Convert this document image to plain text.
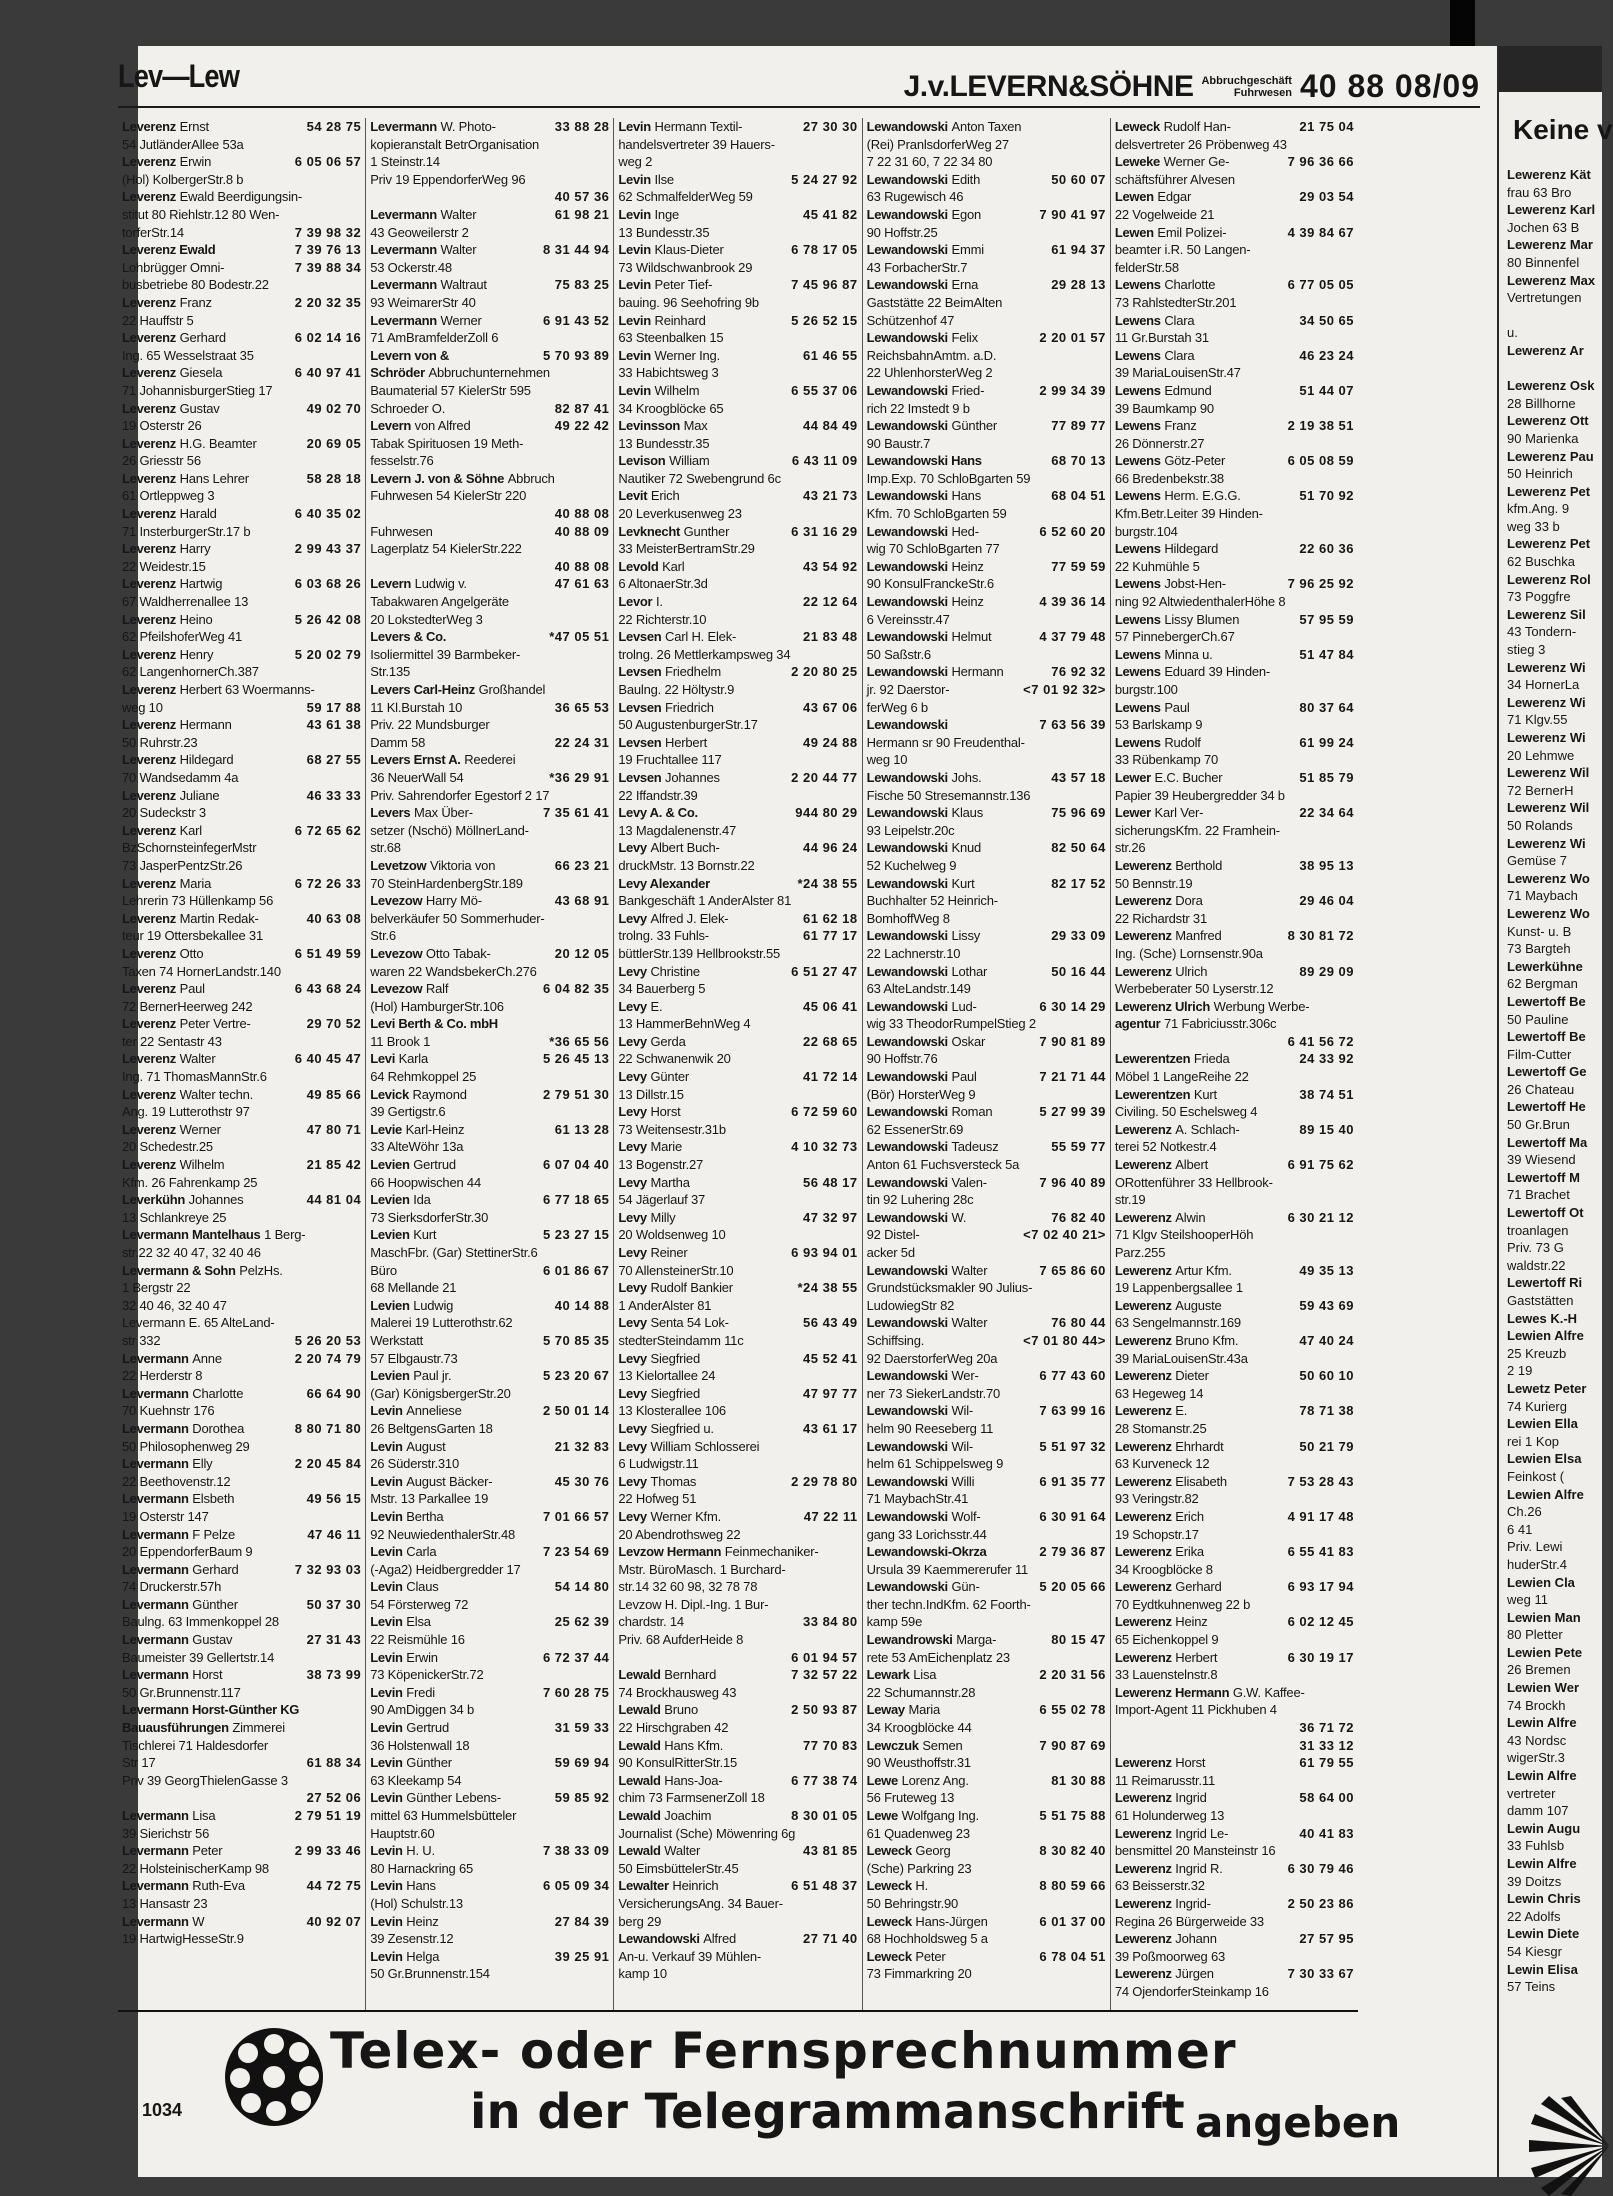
Lev—Lew	J.v.LEVERN&SÖHNE Abbruchgeschäft
Fuhrwesen 40 88 08/09
54 28 75
Leverenz Ernst
54 JutländerAllee 53a
6 05 06 57
Leverenz Erwin
(Hol) KolbergerStr.8 b
Leverenz Ewald Beerdigungsin-
stitut 80 Riehlstr.12 80 Wen-
7 39 98 32
torferStr.14
7 39 76 13
Leverenz Ewald
7 39 88 34
Lohbrügger Omni-
busbetriebe 80 Bodestr.22
2 20 32 35
Leverenz Franz
22 Hauffstr 5
6 02 14 16
Leverenz Gerhard
Ing. 65 Wesselstraat 35
6 40 97 41
Leverenz Giesela
71 JohannisburgerStieg 17
49 02 70
Leverenz Gustav
19 Osterstr 26
20 69 05
Leverenz H.G. Beamter
26 Griesstr 56
58 28 18
Leverenz Hans Lehrer
61 Ortleppweg 3
6 40 35 02
Leverenz Harald
71 InsterburgerStr.17 b
2 99 43 37
Leverenz Harry
22 Weidestr.15
6 03 68 26
Leverenz Hartwig
67 Waldherrenallee 13
5 26 42 08
Leverenz Heino
62 PfeilshoferWeg 41
5 20 02 79
Leverenz Henry
62 LangenhornerCh.387
Leverenz Herbert 63 Woermanns-
59 17 88
weg 10
43 61 38
Leverenz Hermann
50 Ruhrstr.23
68 27 55
Leverenz Hildegard
70 Wandsedamm 4a
46 33 33
Leverenz Juliane
20 Sudeckstr 3
6 72 65 62
Leverenz Karl
BzSchornsteinfegerMstr
73 JasperPentzStr.26
6 72 26 33
Leverenz Maria
Lehrerin 73 Hüllenkamp 56
40 63 08
Leverenz Martin Redak-
teur 19 Ottersbekallee 31
6 51 49 59
Leverenz Otto
Taxen 74 HornerLandstr.140
6 43 68 24
Leverenz Paul
72 BernerHeerweg 242
29 70 52
Leverenz Peter Vertre-
ter 22 Sentastr 43
6 40 45 47
Leverenz Walter
Ing. 71 ThomasMannStr.6
49 85 66
Leverenz Walter techn.
Ang. 19 Lutterothstr 97
47 80 71
Leverenz Werner
20 Schedestr.25
21 85 42
Leverenz Wilhelm
Kfm. 26 Fahrenkamp 25
44 81 04
Leverkühn Johannes
13 Schlankreye 25
Levermann Mantelhaus 1 Berg-
str.22 32 40 47, 32 40 46
Levermann & Sohn PelzHs.
1 Bergstr 22
32 40 46, 32 40 47
Levermann E. 65 AlteLand-
5 26 20 53
str 332
2 20 74 79
Levermann Anne
22 Herderstr 8
66 64 90
Levermann Charlotte
70 Kuehnstr 176
8 80 71 80
Levermann Dorothea
50 Philosophenweg 29
2 20 45 84
Levermann Elly
22 Beethovenstr.12
49 56 15
Levermann Elsbeth
19 Osterstr 147
47 46 11
Levermann F Pelze
20 EppendorferBaum 9
7 32 93 03
Levermann Gerhard
74 Druckerstr.57h
50 37 30
Levermann Günther
Baulng. 63 Immenkoppel 28
27 31 43
Levermann Gustav
Baumeister 39 Gellertstr.14
38 73 99
Levermann Horst
50 Gr.Brunnenstr.117
Levermann Horst-Günther KG
Bauausführungen Zimmerei
Tischlerei 71 Haldesdorfer
61 88 34
Str 17
Priv 39 GeorgThielenGasse 3
27 52 06

2 79 51 19
Levermann Lisa
39 Sierichstr 56
2 99 33 46
Levermann Peter
22 HolsteinischerKamp 98
44 72 75
Levermann Ruth-Eva
13 Hansastr 23
40 92 07
Levermann W
19 HartwigHesseStr.9
33 88 28
Levermann W. Photo-
kopieranstalt BetrOrganisation
1 Steinstr.14
Priv 19 EppendorferWeg 96
40 57 36

61 98 21
Levermann Walter
43 Geoweilerstr 2
8 31 44 94
Levermann Walter
53 Ockerstr.48
75 83 25
Levermann Waltraut
93 WeimarerStr 40
6 91 43 52
Levermann Werner
71 AmBramfelderZoll 6
5 70 93 89
Levern von &
Schröder Abbruchunternehmen
Baumaterial 57 KielerStr 595
82 87 41
Schroeder O.
49 22 42
Levern von Alfred
Tabak Spirituosen 19 Meth-
fesselstr.76
Levern J. von & Söhne Abbruch
Fuhrwesen 54 KielerStr 220
40 88 08

40 88 09
Fuhrwesen
Lagerplatz 54 KielerStr.222
40 88 08

47 61 63
Levern Ludwig v.
Tabakwaren Angelgeräte
20 LokstedterWeg 3
*47 05 51
Levers & Co.
Isoliermittel 39 Barmbeker-
Str.135
Levers Carl-Heinz Großhandel
36 65 53
11 Kl.Burstah 10
Priv. 22 Mundsburger
22 24 31
Damm 58
Levers Ernst A. Reederei
*36 29 91
36 NeuerWall 54
Priv. Sahrendorfer Egestorf 2 17
7 35 61 41
Levers Max Über-
setzer (Nschö) MöllnerLand-
str.68
66 23 21
Levetzow Viktoria von
70 SteinHardenbergStr.189
43 68 91
Levezow Harry Mö-
belverkäufer 50 Sommerhuder-
Str.6
20 12 05
Levezow Otto Tabak-
waren 22 WandsbekerCh.276
6 04 82 35
Levezow Ralf
(Hol) HamburgerStr.106
Levi Berth & Co. mbH
*36 65 56
11 Brook 1
5 26 45 13
Levi Karla
64 Rehmkoppel 25
2 79 51 30
Levick Raymond
39 Gertigstr.6
61 13 28
Levie Karl-Heinz
33 AlteWöhr 13a
6 07 04 40
Levien Gertrud
66 Hoopwischen 44
6 77 18 65
Levien Ida
73 SierksdorferStr.30
5 23 27 15
Levien Kurt
MaschFbr. (Gar) StettinerStr.6
6 01 86 67
Büro
68 Mellande 21
40 14 88
Levien Ludwig
Malerei 19 Lutterothstr.62
5 70 85 35
Werkstatt
57 Elbgaustr.73
5 23 20 67
Levien Paul jr.
(Gar) KönigsbergerStr.20
2 50 01 14
Levin Anneliese
26 BeltgensGarten 18
21 32 83
Levin August
26 Süderstr.310
45 30 76
Levin August Bäcker-
Mstr. 13 Parkallee 19
7 01 66 57
Levin Bertha
92 NeuwiedenthalerStr.48
7 23 54 69
Levin Carla
(-Aga2) Heidbergredder 17
54 14 80
Levin Claus
54 Försterweg 72
25 62 39
Levin Elsa
22 Reismühle 16
6 72 37 44
Levin Erwin
73 KöpenickerStr.72
7 60 28 75
Levin Fredi
90 AmDiggen 34 b
31 59 33
Levin Gertrud
36 Holstenwall 18
59 69 94
Levin Günther
63 Kleekamp 54
59 85 92
Levin Günther Lebens-
mittel 63 Hummelsbütteler
Hauptstr.60
7 38 33 09
Levin H. U.
80 Harnackring 65
6 05 09 34
Levin Hans
(Hol) Schulstr.13
27 84 39
Levin Heinz
39 Zesenstr.12
39 25 91
Levin Helga
50 Gr.Brunnenstr.154
27 30 30
Levin Hermann Textil-
handelsvertreter 39 Hauers-
weg 2
5 24 27 92
Levin Ilse
62 SchmalfelderWeg 59
45 41 82
Levin Inge
13 Bundesstr.35
6 78 17 05
Levin Klaus-Dieter
73 Wildschwanbrook 29
7 45 96 87
Levin Peter Tief-
bauing. 96 Seehofring 9b
5 26 52 15
Levin Reinhard
63 Steenbalken 15
61 46 55
Levin Werner Ing.
33 Habichtsweg 3
6 55 37 06
Levin Wilhelm
34 Kroogblöcke 65
44 84 49
Levinsson Max
13 Bundesstr.35
6 43 11 09
Levison William
Nautiker 72 Swebengrund 6c
43 21 73
Levit Erich
20 Leverkusenweg 23
6 31 16 29
Levknecht Gunther
33 MeisterBertramStr.29
43 54 92
Levold Karl
6 AltonaerStr.3d
22 12 64
Levor I.
22 Richterstr.10
21 83 48
Levsen Carl H. Elek-
trolng. 26 Mettlerkampsweg 34
2 20 80 25
Levsen Friedhelm
Baulng. 22 Höltystr.9
43 67 06
Levsen Friedrich
50 AugustenburgerStr.17
49 24 88
Levsen Herbert
19 Fruchtallee 117
2 20 44 77
Levsen Johannes
22 Iffandstr.39
944 80 29
Levy A. & Co.
13 Magdalenenstr.47
44 96 24
Levy Albert Buch-
druckMstr. 13 Bornstr.22
*24 38 55
Levy Alexander
Bankgeschäft 1 AnderAlster 81
61 62 18
Levy Alfred J. Elek-
61 77 17
trolng. 33 Fuhls-
büttlerStr.139 Hellbrookstr.55
6 51 27 47
Levy Christine
34 Bauerberg 5
45 06 41
Levy E.
13 HammerBehnWeg 4
22 68 65
Levy Gerda
22 Schwanenwik 20
41 72 14
Levy Günter
13 Dillstr.15
6 72 59 60
Levy Horst
73 Weitensestr.31b
4 10 32 73
Levy Marie
13 Bogenstr.27
56 48 17
Levy Martha
54 Jägerlauf 37
47 32 97
Levy Milly
20 Woldsenweg 10
6 93 94 01
Levy Reiner
70 AllensteinerStr.10
*24 38 55
Levy Rudolf Bankier
1 AnderAlster 81
56 43 49
Levy Senta 54 Lok-
stedterSteindamm 11c
45 52 41
Levy Siegfried
13 Kielortallee 24
47 97 77
Levy Siegfried
13 Klosterallee 106
43 61 17
Levy Siegfried u.
Levy William Schlosserei
6 Ludwigstr.11
2 29 78 80
Levy Thomas
22 Hofweg 51
47 22 11
Levy Werner Kfm.
20 Abendrothsweg 22
Levzow Hermann Feinmechaniker-
Mstr. BüroMasch. 1 Burchard-
str.14 32 60 98, 32 78 78
Levzow H. Dipl.-Ing. 1 Bur-
33 84 80
chardstr. 14
Priv. 68 AufderHeide 8
6 01 94 57

7 32 57 22
Lewald Bernhard
74 Brockhausweg 43
2 50 93 87
Lewald Bruno
22 Hirschgraben 42
77 70 83
Lewald Hans Kfm.
90 KonsulRitterStr.15
6 77 38 74
Lewald Hans-Joa-
chim 73 FarmsenerZoll 18
8 30 01 05
Lewald Joachim
Journalist (Sche) Möwenring 6g
43 81 85
Lewald Walter
50 EimsbüttelerStr.45
6 51 48 37
Lewalter Heinrich
VersicherungsAng. 34 Bauer-
berg 29
27 71 40
Lewandowski Alfred
An-u. Verkauf 39 Mühlen-
kamp 10
Lewandowski Anton Taxen
(Rei) PranlsdorferWeg 27
7 22 31 60, 7 22 34 80
50 60 07
Lewandowski Edith
63 Rugewisch 46
7 90 41 97
Lewandowski Egon
90 Hoffstr.25
61 94 37
Lewandowski Emmi
43 ForbacherStr.7
29 28 13
Lewandowski Erna
Gaststätte 22 BeimAlten
Schützenhof 47
2 20 01 57
Lewandowski Felix
ReichsbahnAmtm. a.D.
22 UhlenhorsterWeg 2
2 99 34 39
Lewandowski Fried-
rich 22 Imstedt 9 b
77 89 77
Lewandowski Günther
90 Baustr.7
68 70 13
Lewandowski Hans
Imp.Exp. 70 SchloBgarten 59
68 04 51
Lewandowski Hans
Kfm. 70 SchloBgarten 59
6 52 60 20
Lewandowski Hed-
wig 70 SchloBgarten 77
77 59 59
Lewandowski Heinz
90 KonsulFranckeStr.6
4 39 36 14
Lewandowski Heinz
6 Vereinsstr.47
4 37 79 48
Lewandowski Helmut
50 Saßstr.6
76 92 32
Lewandowski Hermann
<7 01 92 32>
jr. 92 Daerstor-
ferWeg 6 b
7 63 56 39
Lewandowski
Hermann sr 90 Freudenthal-
weg 10
43 57 18
Lewandowski Johs.
Fische 50 Stresemannstr.136
75 96 69
Lewandowski Klaus
93 Leipelstr.20c
82 50 64
Lewandowski Knud
52 Kuchelweg 9
82 17 52
Lewandowski Kurt
Buchhalter 52 Heinrich-
BomhoffWeg 8
29 33 09
Lewandowski Lissy
22 Lachnerstr.10
50 16 44
Lewandowski Lothar
63 AlteLandstr.149
6 30 14 29
Lewandowski Lud-
wig 33 TheodorRumpelStieg 2
7 90 81 89
Lewandowski Oskar
90 Hoffstr.76
7 21 71 44
Lewandowski Paul
(Bör) HorsterWeg 9
5 27 99 39
Lewandowski Roman
62 EssenerStr.69
55 59 77
Lewandowski Tadeusz
Anton 61 Fuchsversteck 5a
7 96 40 89
Lewandowski Valen-
tin 92 Luhering 28c
76 82 40
Lewandowski W.
<7 02 40 21>
92 Distel-
acker 5d
7 65 86 60
Lewandowski Walter
Grundstücksmakler 90 Julius-
LudowiegStr 82
76 80 44
Lewandowski Walter
<7 01 80 44>
Schiffsing.
92 DaerstorferWeg 20a
6 77 43 60
Lewandowski Wer-
ner 73 SiekerLandstr.70
7 63 99 16
Lewandowski Wil-
helm 90 Reeseberg 11
5 51 97 32
Lewandowski Wil-
helm 61 Schippelsweg 9
6 91 35 77
Lewandowski Willi
71 MaybachStr.41
6 30 91 64
Lewandowski Wolf-
gang 33 Lorichsstr.44
2 79 36 87
Lewandowski-Okrza
Ursula 39 Kaemmererufer 11
5 20 05 66
Lewandowski Gün-
ther techn.IndKfm. 62 Foorth-
kamp 59e
80 15 47
Lewandrowski Marga-
rete 53 AmEichenplatz 23
2 20 31 56
Lewark Lisa
22 Schumannstr.28
6 55 02 78
Leway Maria
34 Kroogblöcke 44
7 90 87 69
Lewczuk Semen
90 Weusthoffstr.31
81 30 88
Lewe Lorenz Ang.
56 Fruteweg 13
5 51 75 88
Lewe Wolfgang Ing.
61 Quadenweg 23
8 30 82 40
Leweck Georg
(Sche) Parkring 23
8 80 59 66
Leweck H.
50 Behringstr.90
6 01 37 00
Leweck Hans-Jürgen
68 Hochholdsweg 5 a
6 78 04 51
Leweck Peter
73 Fimmarkring 20
21 75 04
Leweck Rudolf Han-
delsvertreter 26 Pröbenweg 43
7 96 36 66
Leweke Werner Ge-
schäftsführer Alvesen
29 03 54
Lewen Edgar
22 Vogelweide 21
4 39 84 67
Lewen Emil Polizei-
beamter i.R. 50 Langen-
felderStr.58
6 77 05 05
Lewens Charlotte
73 RahlstedterStr.201
34 50 65
Lewens Clara
11 Gr.Burstah 31
46 23 24
Lewens Clara
39 MariaLouisenStr.47
51 44 07
Lewens Edmund
39 Baumkamp 90
2 19 38 51
Lewens Franz
26 Dönnerstr.27
6 05 08 59
Lewens Götz-Peter
66 Bredenbekstr.38
51 70 92
Lewens Herm. E.G.G.
Kfm.Betr.Leiter 39 Hinden-
burgstr.104
22 60 36
Lewens Hildegard
22 Kuhmühle 5
7 96 25 92
Lewens Jobst-Hen-
ning 92 AltwiedenthalerHöhe 8
57 95 59
Lewens Lissy Blumen
57 PinnebergerCh.67
51 47 84
Lewens Minna u.
Lewens Eduard 39 Hinden-
burgstr.100
80 37 64
Lewens Paul
53 Barlskamp 9
61 99 24
Lewens Rudolf
33 Rübenkamp 70
51 85 79
Lewer E.C. Bucher
Papier 39 Heubergredder 34 b
22 34 64
Lewer Karl Ver-
sicherungsKfm. 22 Framhein-
str.26
38 95 13
Lewerenz Berthold
50 Bennstr.19
29 46 04
Lewerenz Dora
22 Richardstr 31
8 30 81 72
Lewerenz Manfred
Ing. (Sche) Lornsenstr.90a
89 29 09
Lewerenz Ulrich
Werbeberater 50 Lyserstr.12
Lewerenz Ulrich Werbung Werbe-
agentur 71 Fabriciusstr.306c
6 41 56 72

24 33 92
Lewerentzen Frieda
Möbel 1 LangeReihe 22
38 74 51
Lewerentzen Kurt
Civiling. 50 Eschelsweg 4
89 15 40
Lewerenz A. Schlach-
terei 52 Notkestr.4
6 91 75 62
Lewerenz Albert
ORottenführer 33 Hellbrook-
str.19
6 30 21 12
Lewerenz Alwin
71 Klgv SteilshooperHöh
Parz.255
49 35 13
Lewerenz Artur Kfm.
19 Lappenbergsallee 1
59 43 69
Lewerenz Auguste
63 Sengelmannstr.169
47 40 24
Lewerenz Bruno Kfm.
39 MariaLouisenStr.43a
50 60 10
Lewerenz Dieter
63 Hegeweg 14
78 71 38
Lewerenz E.
28 Stomanstr.25
50 21 79
Lewerenz Ehrhardt
63 Kurveneck 12
7 53 28 43
Lewerenz Elisabeth
93 Veringstr.82
4 91 17 48
Lewerenz Erich
19 Schopstr.17
6 55 41 83
Lewerenz Erika
34 Kroogblöcke 8
6 93 17 94
Lewerenz Gerhard
70 Eydtkuhnenweg 22 b
6 02 12 45
Lewerenz Heinz
65 Eichenkoppel 9
6 30 19 17
Lewerenz Herbert
33 Lauenstelnstr.8
Lewerenz Hermann G.W. Kaffee-
Import-Agent 11 Pickhuben 4
36 71 72

31 33 12

61 79 55
Lewerenz Horst
11 Reimarusstr.11
58 64 00
Lewerenz Ingrid
61 Holunderweg 13
40 41 83
Lewerenz Ingrid Le-
bensmittel 20 Mansteinstr 16
6 30 79 46
Lewerenz Ingrid R.
63 Beisserstr.32
2 50 23 86
Lewerenz Ingrid-
Regina 26 Bürgerweide 33
27 57 95
Lewerenz Johann
39 Poßmoorweg 63
7 30 33 67
Lewerenz Jürgen
74 OjendorferSteinkamp 16
Telex- oder Fernsprechnummer
in der Telegrammanschrift angeben
1034
Keine v
Lewerenz Kät
frau 63 Bro
Lewerenz Karl
Jochen 63 B
Lewerenz Mar
80 Binnenfel
Lewerenz Max
Vertretungen

u.
Lewerenz Ar

Lewerenz Osk
28 Billhorne
Lewerenz Ott
90 Marienka
Lewerenz Pau
50 Heinrich
Lewerenz Pet
kfm.Ang. 9
weg 33 b
Lewerenz Pet
62 Buschka
Lewerenz Rol
73 Poggfre
Lewerenz Sil
43 Tondern-
stieg 3
Lewerenz Wi
34 HornerLa
Lewerenz Wi
71 Klgv.55
Lewerenz Wi
20 Lehmwe
Lewerenz Wil
72 BernerH
Lewerenz Wil
50 Rolands
Lewerenz Wi
Gemüse 7
Lewerenz Wo
71 Maybach
Lewerenz Wo
Kunst- u. B
73 Bargteh
Lewerkühne
62 Bergman
Lewertoff Be
50 Pauline
Lewertoff Be
Film-Cutter
Lewertoff Ge
26 Chateau
Lewertoff He
50 Gr.Brun
Lewertoff Ma
39 Wiesend
Lewertoff M
71 Brachet
Lewertoff Ot
troanlagen
Priv. 73 G
waldstr.22
Lewertoff Ri
Gaststätten
Lewes K.-H
Lewien Alfre
25 Kreuzb
2 19
Lewetz Peter
74 Kurierg
Lewien Ella
rei 1 Kop
Lewien Elsa
Feinkost (
Lewien Alfre
Ch.26
6 41
Priv. Lewi
huderStr.4
Lewien Cla
weg 11
Lewien Man
80 Pletter
Lewien Pete
26 Bremen
Lewien Wer
74 Brockh
Lewin Alfre
43 Nordsc
wigerStr.3
Lewin Alfre
vertreter
damm 107
Lewin Augu
33 Fuhlsb
Lewin Alfre
39 Doitzs
Lewin Chris
22 Adolfs
Lewin Diete
54 Kiesgr
Lewin Elisa
57 Teins
